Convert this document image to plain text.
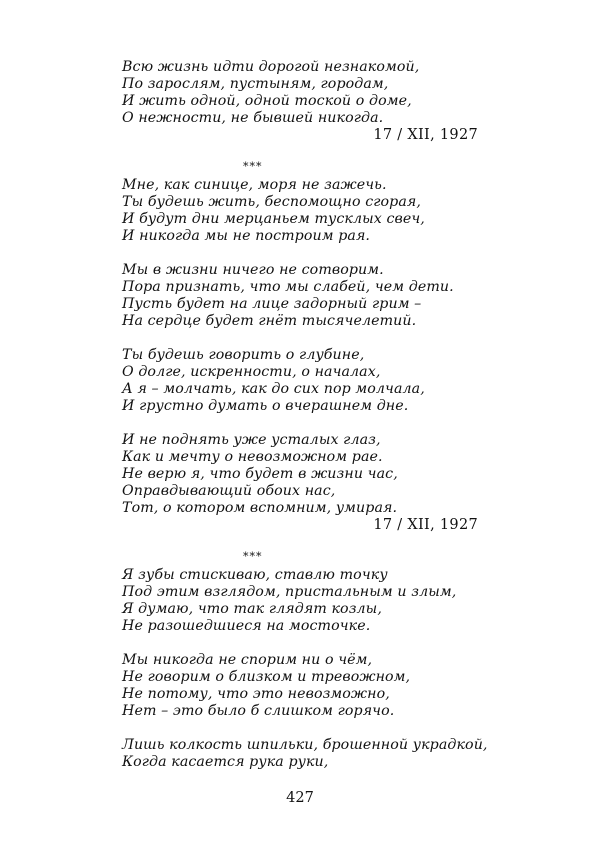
Всю жизнь идти дорогой незнакомой,
По зарослям, пустыням, городам,
И жить одной, одной тоской о доме,
О нежности, не бывшей никогда.
17 / XII, 1927
***
Мне, как синице, моря не зажечь.
Ты будешь жить, беспомощно сгорая,
И будут дни мерцаньем тусклых свеч,
И никогда мы не построим рая.
Мы в жизни ничего не сотворим.
Пора признать, что мы слабей, чем дети.
Пусть будет на лице задорный грим –
На сердце будет гнёт тысячелетий.
Ты будешь говорить о глубине,
О долге, искренности, о началах,
А я – молчать, как до сих пор молчала,
И грустно думать о вчерашнем дне.
И не поднять уже усталых глаз,
Как и мечту о невозможном рае.
Не верю я, что будет в жизни час,
Оправдывающий обоих нас,
Тот, о котором вспомним, умирая.
17 / XII, 1927
***
Я зубы стискиваю, ставлю точку
Под этим взглядом, пристальным и злым,
Я думаю, что так глядят козлы,
Не разошедшиеся на мосточке.
Мы никогда не спорим ни о чём,
Не говорим о близком и тревожном,
Не потому, что это невозможно,
Нет – это было б слишком горячо.
Лишь колкость шпильки, брошенной украдкой,
Когда касается рука руки,
427
